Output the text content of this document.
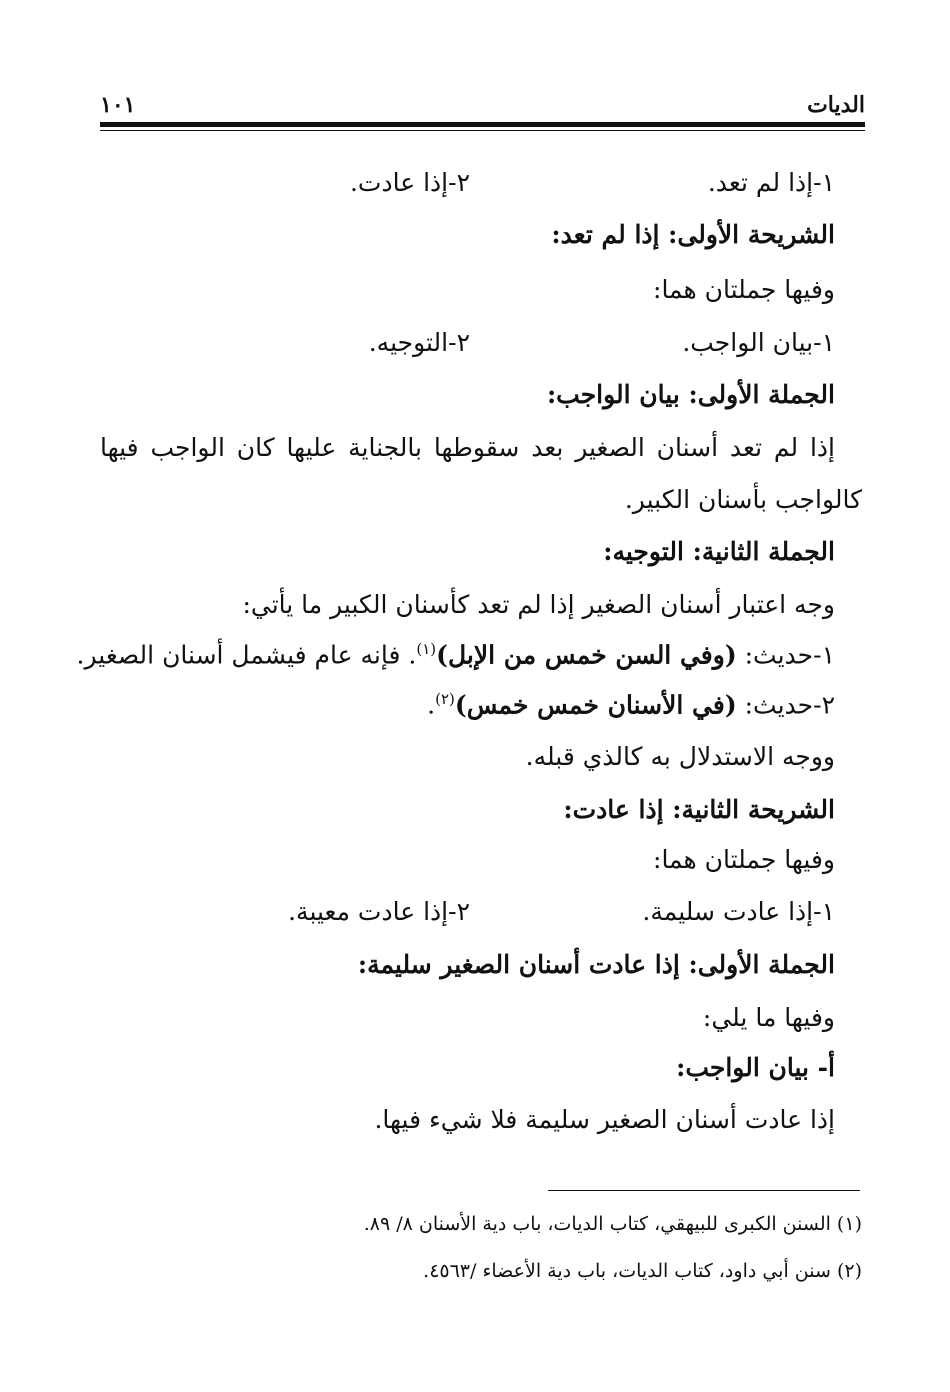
الديات
١٠١
١-إذا لم تعد.
٢-إذا عادت.
الشريحة الأولى: إذا لم تعد:
وفيها جملتان هما:
١-بيان الواجب.
٢-التوجيه.
الجملة الأولى: بيان الواجب:
إذا لم تعد أسنان الصغير بعد سقوطها بالجناية عليها كان الواجب فيها
كالواجب بأسنان الكبير.
الجملة الثانية: التوجيه:
وجه اعتبار أسنان الصغير إذا لم تعد كأسنان الكبير ما يأتي:
١-حديث: (وفي السن خمس من الإبل)$^{(١)}$. فإنه عام فيشمل أسنان الصغير.
٢-حديث: (في الأسنان خمس خمس)$^{(٢)}$.
ووجه الاستدلال به كالذي قبله.
الشريحة الثانية: إذا عادت:
وفيها جملتان هما:
١-إذا عادت سليمة.
٢-إذا عادت معيبة.
الجملة الأولى: إذا عادت أسنان الصغير سليمة:
وفيها ما يلي:
أ- بيان الواجب:
إذا عادت أسنان الصغير سليمة فلا شيء فيها.
(١) السنن الكبرى للبيهقي، كتاب الديات، باب دية الأسنان ٨/ ٨٩.
(٢) سنن أبي داود، كتاب الديات، باب دية الأعضاء /٤٥٦٣.
